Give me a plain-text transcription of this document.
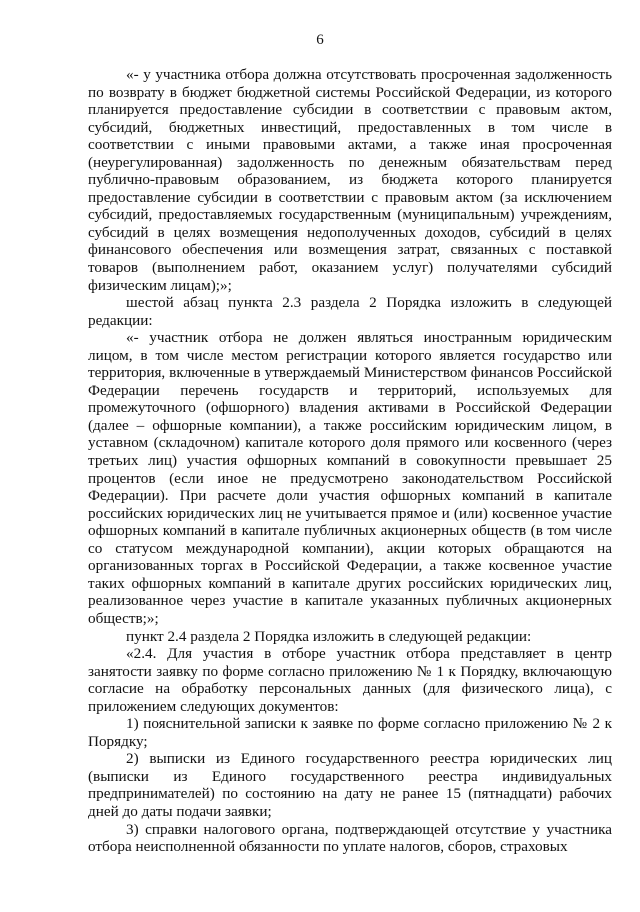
6

«- у участника отбора должна отсутствовать просроченная задолженность по возврату в бюджет бюджетной системы Российской Федерации, из которого планируется предоставление субсидии в соответствии с правовым актом, субсидий, бюджетных инвестиций, предоставленных в том числе в соответствии с иными правовыми актами, а также иная просроченная (неурегулированная) задолженность по денежным обязательствам перед публично-правовым образованием, из бюджета которого планируется предоставление субсидии в соответствии с правовым актом (за исключением субсидий, предоставляемых государственным (муниципальным) учреждениям, субсидий в целях возмещения недополученных доходов, субсидий в целях финансового обеспечения или возмещения затрат, связанных с поставкой товаров (выполнением работ, оказанием услуг) получателями субсидий физическим лицам);»;

шестой абзац пункта 2.3 раздела 2 Порядка изложить в следующей редакции:

«- участник отбора не должен являться иностранным юридическим лицом, в том числе местом регистрации которого является государство или территория, включенные в утверждаемый Министерством финансов Российской Федерации перечень государств и территорий, используемых для промежуточного (офшорного) владения активами в Российской Федерации (далее – офшорные компании), а также российским юридическим лицом, в уставном (складочном) капитале которого доля прямого или косвенного (через третьих лиц) участия офшорных компаний в совокупности превышает 25 процентов (если иное не предусмотрено законодательством Российской Федерации). При расчете доли участия офшорных компаний в капитале российских юридических лиц не учитывается прямое и (или) косвенное участие офшорных компаний в капитале публичных акционерных обществ (в том числе со статусом международной компании), акции которых обращаются на организованных торгах в Российской Федерации, а также косвенное участие таких офшорных компаний в капитале других российских юридических лиц, реализованное через участие в капитале указанных публичных акционерных обществ;»;

пункт 2.4 раздела 2 Порядка изложить в следующей редакции:

«2.4. Для участия в отборе участник отбора представляет в центр занятости заявку по форме согласно приложению № 1 к Порядку, включающую согласие на обработку персональных данных (для физического лица), с приложением следующих документов:

1) пояснительной записки к заявке по форме согласно приложению № 2 к Порядку;

2) выписки из Единого государственного реестра юридических лиц (выписки из Единого государственного реестра индивидуальных предпринимателей) по состоянию на дату не ранее 15 (пятнадцати) рабочих дней до даты подачи заявки;

3) справки налогового органа, подтверждающей отсутствие у участника отбора неисполненной обязанности по уплате налогов, сборов, страховых
